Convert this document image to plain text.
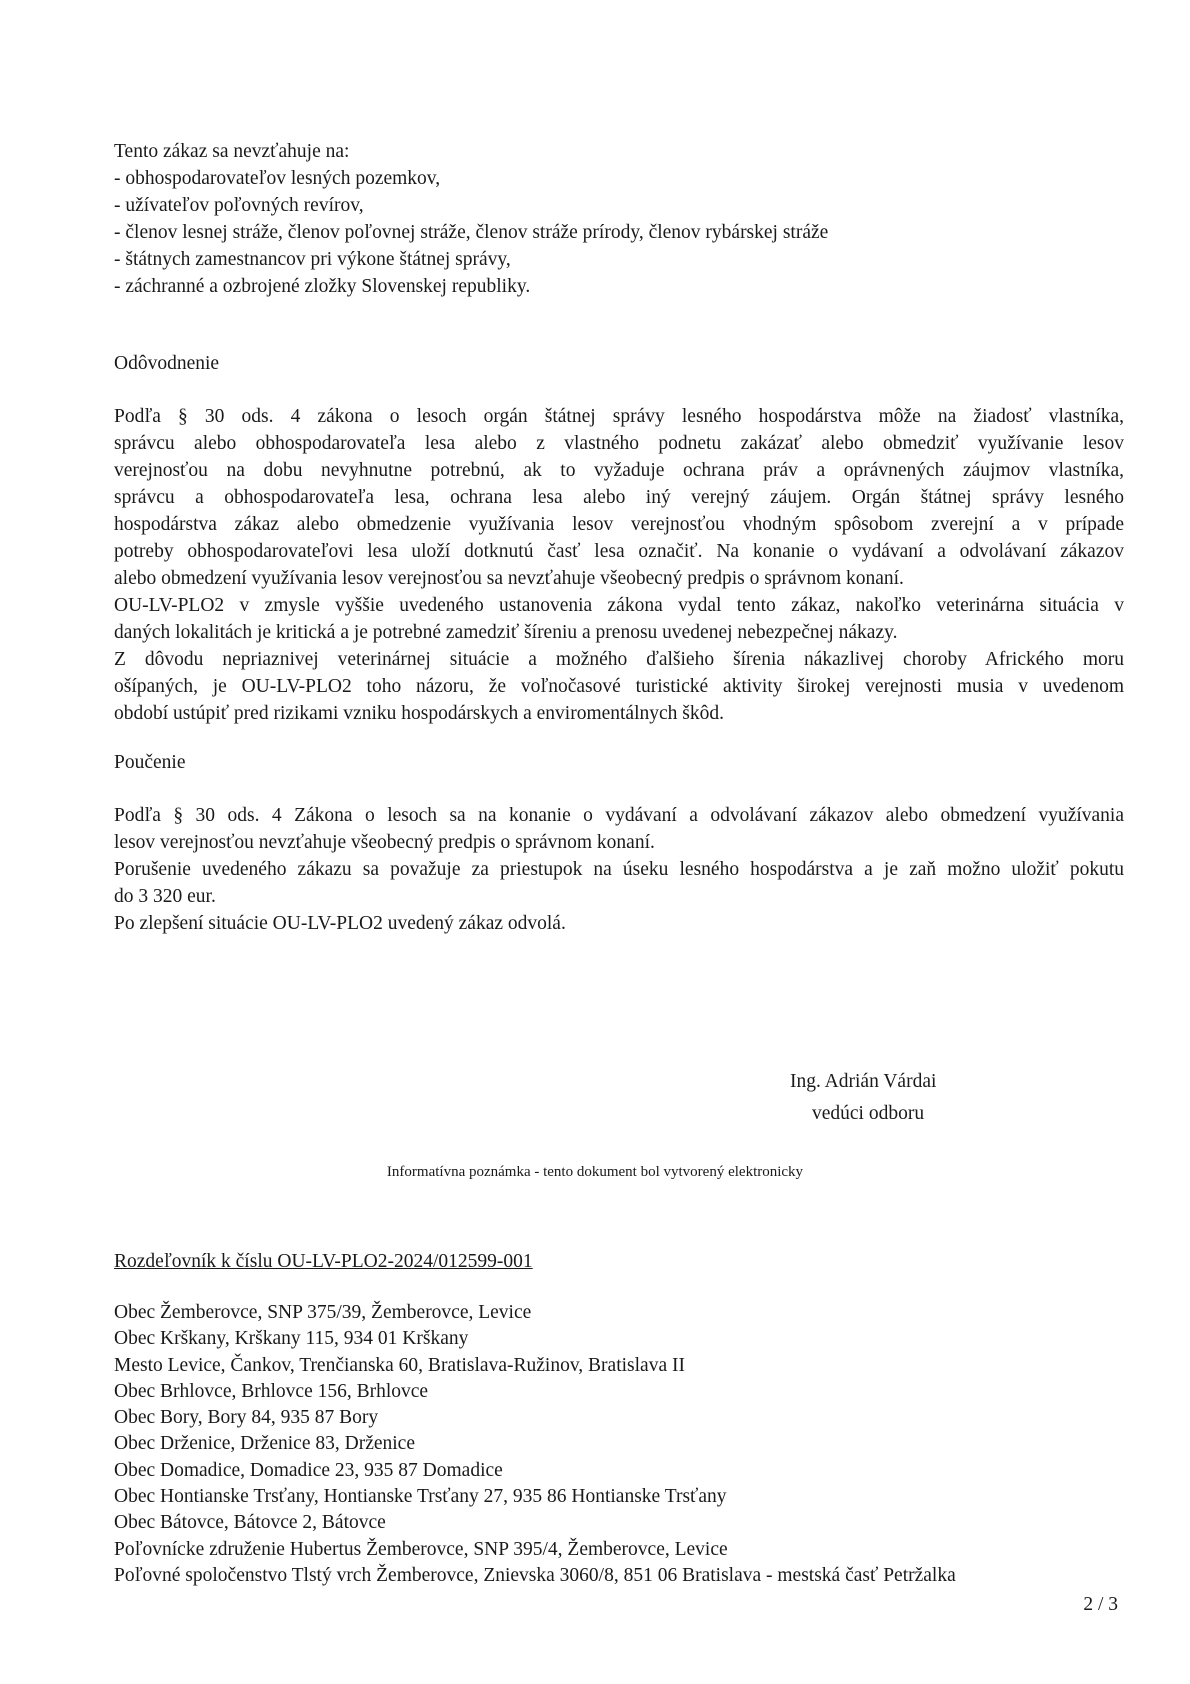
Tento zákaz sa nevzťahuje na:
- obhospodarovateľov lesných pozemkov,
- užívateľov poľovných revírov,
- členov lesnej stráže, členov poľovnej stráže, členov stráže prírody, členov rybárskej stráže
- štátnych zamestnancov pri výkone štátnej správy,
- záchranné a ozbrojené zložky Slovenskej republiky.
Odôvodnenie
Podľa § 30 ods. 4 zákona o lesoch orgán štátnej správy lesného hospodárstva môže na žiadosť vlastníka,
správcu alebo obhospodarovateľa lesa alebo z vlastného podnetu zakázať alebo obmedziť využívanie lesov
verejnosťou na dobu nevyhnutne potrebnú, ak to vyžaduje ochrana práv a oprávnených záujmov vlastníka,
správcu a obhospodarovateľa lesa, ochrana lesa alebo iný verejný záujem. Orgán štátnej správy lesného
hospodárstva zákaz alebo obmedzenie využívania lesov verejnosťou vhodným spôsobom zverejní a v prípade
potreby obhospodarovateľovi lesa uloží dotknutú časť lesa označiť. Na konanie o vydávaní a odvolávaní zákazov
alebo obmedzení využívania lesov verejnosťou sa nevzťahuje všeobecný predpis o správnom konaní.
OU-LV-PLO2 v zmysle vyššie uvedeného ustanovenia zákona vydal tento zákaz, nakoľko veterinárna situácia v
daných lokalitách je kritická a je potrebné zamedziť šíreniu a prenosu uvedenej nebezpečnej nákazy.
Z dôvodu nepriaznivej veterinárnej situácie a možného ďalšieho šírenia nákazlivej choroby Afrického moru
ošípaných, je OU-LV-PLO2 toho názoru, že voľnočasové turistické aktivity širokej verejnosti musia v uvedenom
období ustúpiť pred rizikami vzniku hospodárskych a enviromentálnych škôd.
Poučenie
Podľa § 30 ods. 4 Zákona o lesoch sa na konanie o vydávaní a odvolávaní zákazov alebo obmedzení využívania
lesov verejnosťou nevzťahuje všeobecný predpis o správnom konaní.
Porušenie uvedeného zákazu sa považuje za priestupok na úseku lesného hospodárstva a je zaň možno uložiť pokutu
do 3 320 eur.
Po zlepšení situácie OU-LV-PLO2 uvedený zákaz odvolá.
Ing. Adrián Várdai
vedúci odboru
Informatívna poznámka - tento dokument bol vytvorený elektronicky
Rozdeľovník k číslu OU-LV-PLO2-2024/012599-001
Obec Žemberovce, SNP 375/39, Žemberovce, Levice
Obec Krškany, Krškany 115, 934 01 Krškany
Mesto Levice, Čankov, Trenčianska 60, Bratislava-Ružinov, Bratislava II
Obec Brhlovce, Brhlovce 156, Brhlovce
Obec Bory, Bory 84, 935 87 Bory
Obec Drženice, Drženice 83, Drženice
Obec Domadice, Domadice 23, 935 87 Domadice
Obec Hontianske Trsťany, Hontianske Trsťany 27, 935 86 Hontianske Trsťany
Obec Bátovce, Bátovce 2, Bátovce
Poľovnícke združenie Hubertus Žemberovce, SNP 395/4, Žemberovce, Levice
Poľovné spoločenstvo Tlstý vrch Žemberovce, Znievska 3060/8, 851 06 Bratislava - mestská časť Petržalka
2 / 3
